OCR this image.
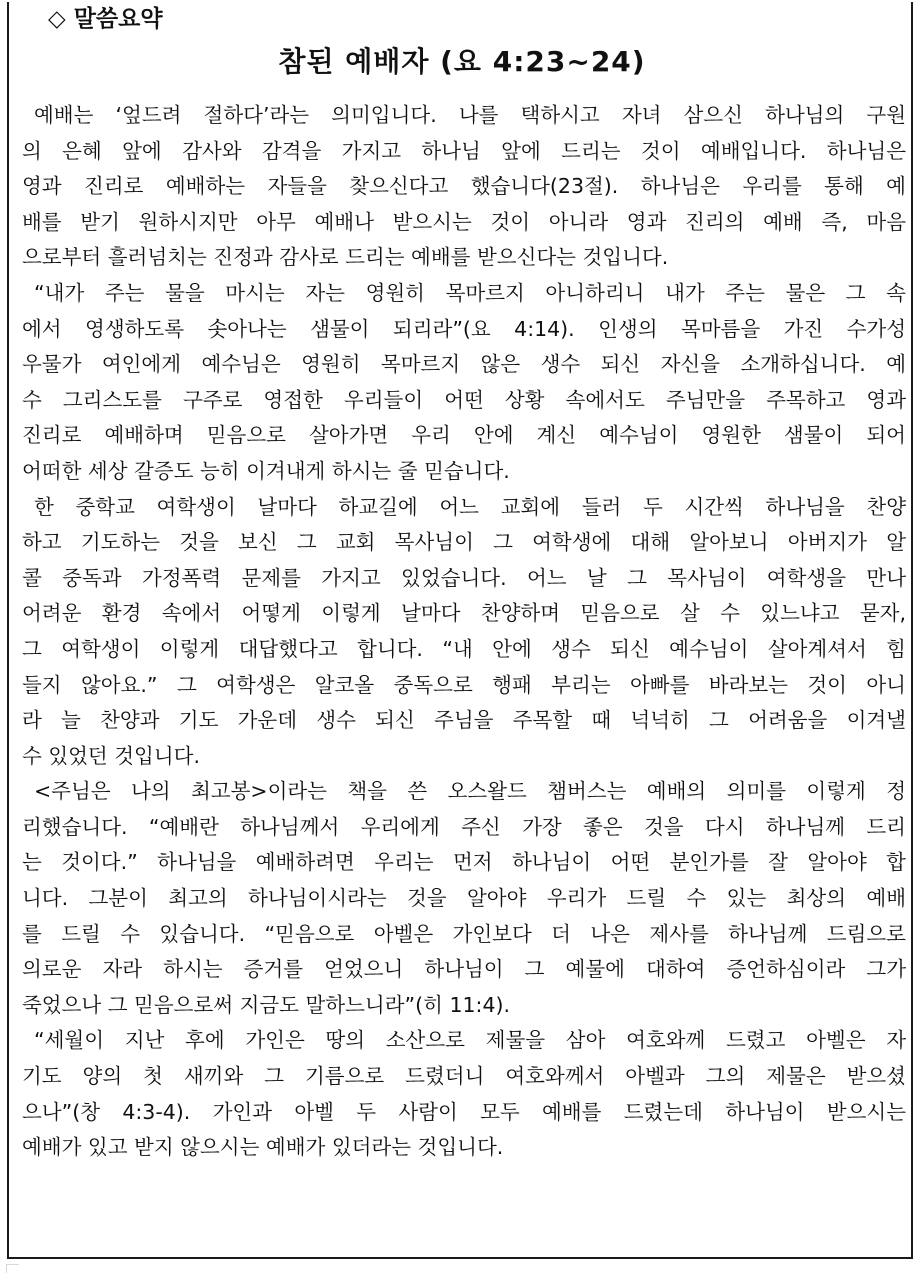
◇ 말씀요약
참된 예배자 (요 4:23~24)
예배는 ‘엎드려 절하다’라는 의미입니다. 나를 택하시고 자녀 삼으신 하나님의 구원
의 은혜 앞에 감사와 감격을 가지고 하나님 앞에 드리는 것이 예배입니다. 하나님은
영과 진리로 예배하는 자들을 찾으신다고 했습니다(23절). 하나님은 우리를 통해 예
배를 받기 원하시지만 아무 예배나 받으시는 것이 아니라 영과 진리의 예배 즉, 마음
으로부터 흘러넘치는 진정과 감사로 드리는 예배를 받으신다는 것입니다.
“내가 주는 물을 마시는 자는 영원히 목마르지 아니하리니 내가 주는 물은 그 속
에서 영생하도록 솟아나는 샘물이 되리라”(요 4:14). 인생의 목마름을 가진 수가성
우물가 여인에게 예수님은 영원히 목마르지 않은 생수 되신 자신을 소개하십니다. 예
수 그리스도를 구주로 영접한 우리들이 어떤 상황 속에서도 주님만을 주목하고 영과
진리로 예배하며 믿음으로 살아가면 우리 안에 계신 예수님이 영원한 샘물이 되어
어떠한 세상 갈증도 능히 이겨내게 하시는 줄 믿습니다.
한 중학교 여학생이 날마다 하교길에 어느 교회에 들러 두 시간씩 하나님을 찬양
하고 기도하는 것을 보신 그 교회 목사님이 그 여학생에 대해 알아보니 아버지가 알
콜 중독과 가정폭력 문제를 가지고 있었습니다. 어느 날 그 목사님이 여학생을 만나
어려운 환경 속에서 어떻게 이렇게 날마다 찬양하며 믿음으로 살 수 있느냐고 묻자,
그 여학생이 이렇게 대답했다고 합니다. “내 안에 생수 되신 예수님이 살아계셔서 힘
들지 않아요.” 그 여학생은 알코올 중독으로 행패 부리는 아빠를 바라보는 것이 아니
라 늘 찬양과 기도 가운데 생수 되신 주님을 주목할 때 넉넉히 그 어려움을 이겨낼
수 있었던 것입니다.
<주님은 나의 최고봉>이라는 책을 쓴 오스왈드 챔버스는 예배의 의미를 이렇게 정
리했습니다. “예배란 하나님께서 우리에게 주신 가장 좋은 것을 다시 하나님께 드리
는 것이다.” 하나님을 예배하려면 우리는 먼저 하나님이 어떤 분인가를 잘 알아야 합
니다. 그분이 최고의 하나님이시라는 것을 알아야 우리가 드릴 수 있는 최상의 예배
를 드릴 수 있습니다. “믿음으로 아벨은 가인보다 더 나은 제사를 하나님께 드림으로
의로운 자라 하시는 증거를 얻었으니 하나님이 그 예물에 대하여 증언하심이라 그가
죽었으나 그 믿음으로써 지금도 말하느니라”(히 11:4).
“세월이 지난 후에 가인은 땅의 소산으로 제물을 삼아 여호와께 드렸고 아벨은 자
기도 양의 첫 새끼와 그 기름으로 드렸더니 여호와께서 아벨과 그의 제물은 받으셨
으나”(창 4:3-4). 가인과 아벨 두 사람이 모두 예배를 드렸는데 하나님이 받으시는
예배가 있고 받지 않으시는 예배가 있더라는 것입니다.
